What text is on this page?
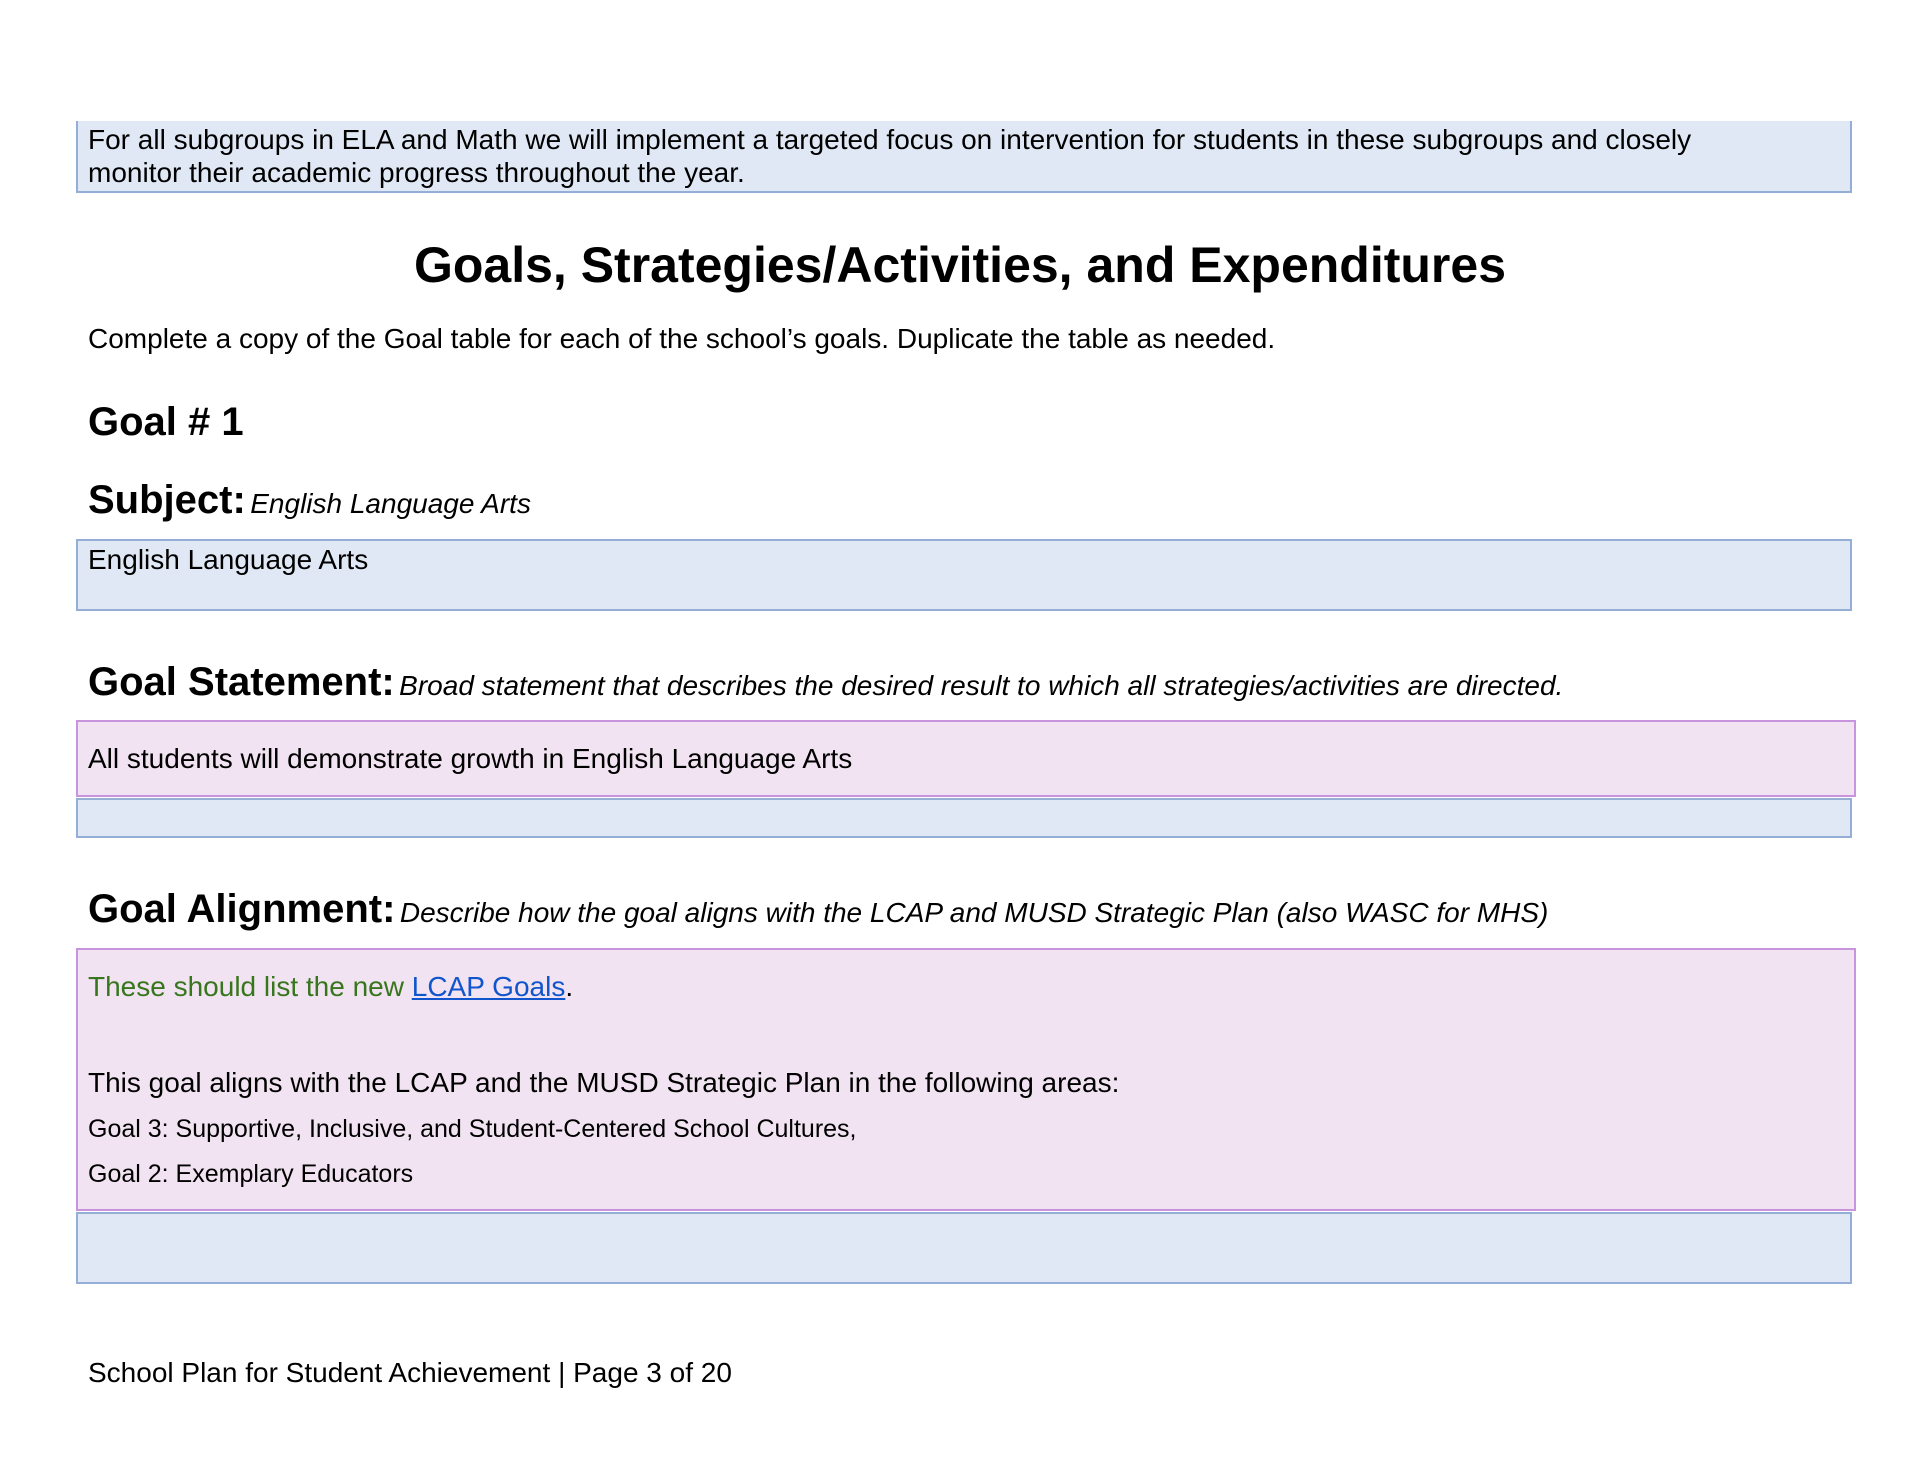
For all subgroups in ELA and Math we will implement a targeted focus on intervention for students in these subgroups and closely
monitor their academic progress throughout the year.
Goals, Strategies/Activities, and Expenditures
Complete a copy of the Goal table for each of the school’s goals. Duplicate the table as needed.
Goal # 1
Subject: English Language Arts
English Language Arts
Goal Statement: Broad statement that describes the desired result to which all strategies/activities are directed.
All students will demonstrate growth in English Language Arts
Goal Alignment: Describe how the goal aligns with the LCAP and MUSD Strategic Plan (also WASC for MHS)
These should list the new LCAP Goals.
This goal aligns with the LCAP and the MUSD Strategic Plan in the following areas:
Goal 3: Supportive, Inclusive, and Student-Centered School Cultures,
Goal 2: Exemplary Educators
School Plan for Student Achievement | Page 3 of 20
